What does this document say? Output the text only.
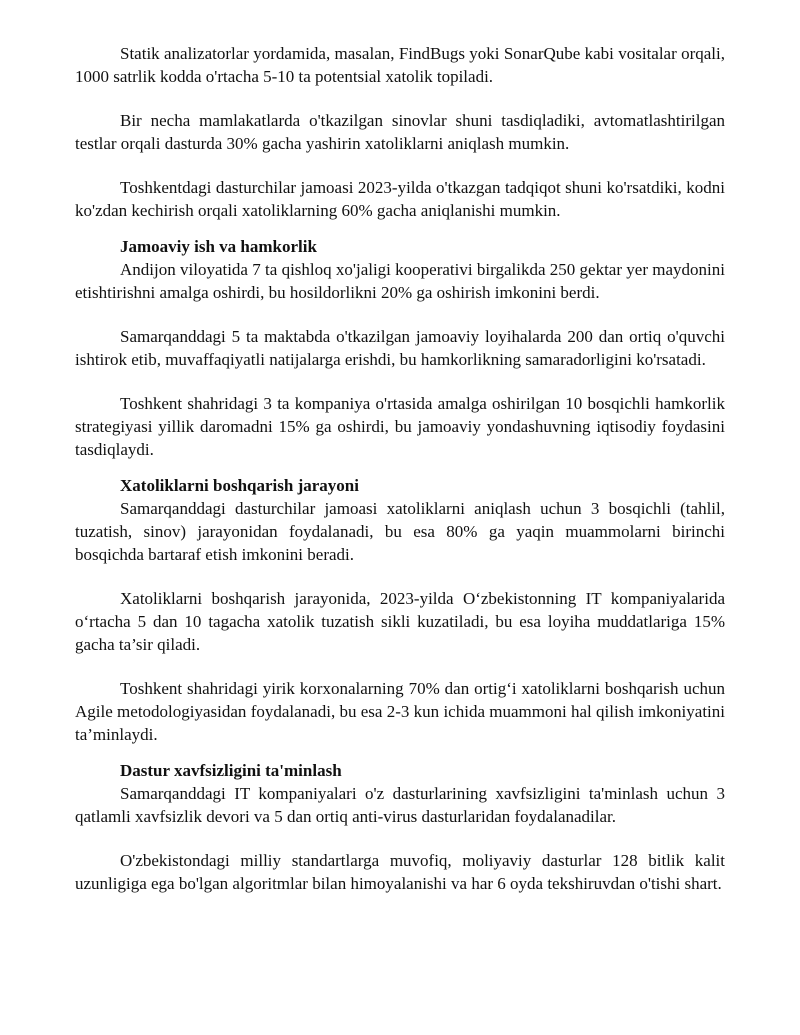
Statik analizatorlar yordamida, masalan, FindBugs yoki SonarQube kabi vositalar orqali, 1000 satrlik kodda o'rtacha 5-10 ta potentsial xatolik topiladi.

Bir necha mamlakatlarda o'tkazilgan sinovlar shuni tasdiqladiki, avtomatlashtirilgan testlar orqali dasturda 30% gacha yashirin xatoliklarni aniqlash mumkin.

Toshkentdagi dasturchilar jamoasi 2023-yilda o'tkazgan tadqiqot shuni ko'rsatdiki, kodni ko'zdan kechirish orqali xatoliklarning 60% gacha aniqlanishi mumkin.

Jamoaviy ish va hamkorlik

Andijon viloyatida 7 ta qishloq xo'jaligi kooperativi birgalikda 250 gektar yer maydonini etishtirishni amalga oshirdi, bu hosildorlikni 20% ga oshirish imkonini berdi.

Samarqanddagi 5 ta maktabda o'tkazilgan jamoaviy loyihalarda 200 dan ortiq o'quvchi ishtirok etib, muvaffaqiyatli natijalarga erishdi, bu hamkorlikning samaradorligini ko'rsatadi.

Toshkent shahridagi 3 ta kompaniya o'rtasida amalga oshirilgan 10 bosqichli hamkorlik strategiyasi yillik daromadni 15% ga oshirdi, bu jamoaviy yondashuvning iqtisodiy foydasini tasdiqlaydi.

Xatoliklarni boshqarish jarayoni

Samarqanddagi dasturchilar jamoasi xatoliklarni aniqlash uchun 3 bosqichli (tahlil, tuzatish, sinov) jarayonidan foydalanadi, bu esa 80% ga yaqin muammolarni birinchi bosqichda bartaraf etish imkonini beradi.

Xatoliklarni boshqarish jarayonida, 2023-yilda O‘zbekistonning IT kompaniyalarida o‘rtacha 5 dan 10 tagacha xatolik tuzatish sikli kuzatiladi, bu esa loyiha muddatlariga 15% gacha ta’sir qiladi.

Toshkent shahridagi yirik korxonalarning 70% dan ortig‘i xatoliklarni boshqarish uchun Agile metodologiyasidan foydalanadi, bu esa 2-3 kun ichida muammoni hal qilish imkoniyatini ta’minlaydi.

Dastur xavfsizligini ta'minlash

Samarqanddagi IT kompaniyalari o'z dasturlarining xavfsizligini ta'minlash uchun 3 qatlamli xavfsizlik devori va 5 dan ortiq anti-virus dasturlaridan foydalanadilar.

O'zbekistondagi milliy standartlarga muvofiq, moliyaviy dasturlar 128 bitlik kalit uzunligiga ega bo'lgan algoritmlar bilan himoyalanishi va har 6 oyda tekshiruvdan o'tishi shart.
